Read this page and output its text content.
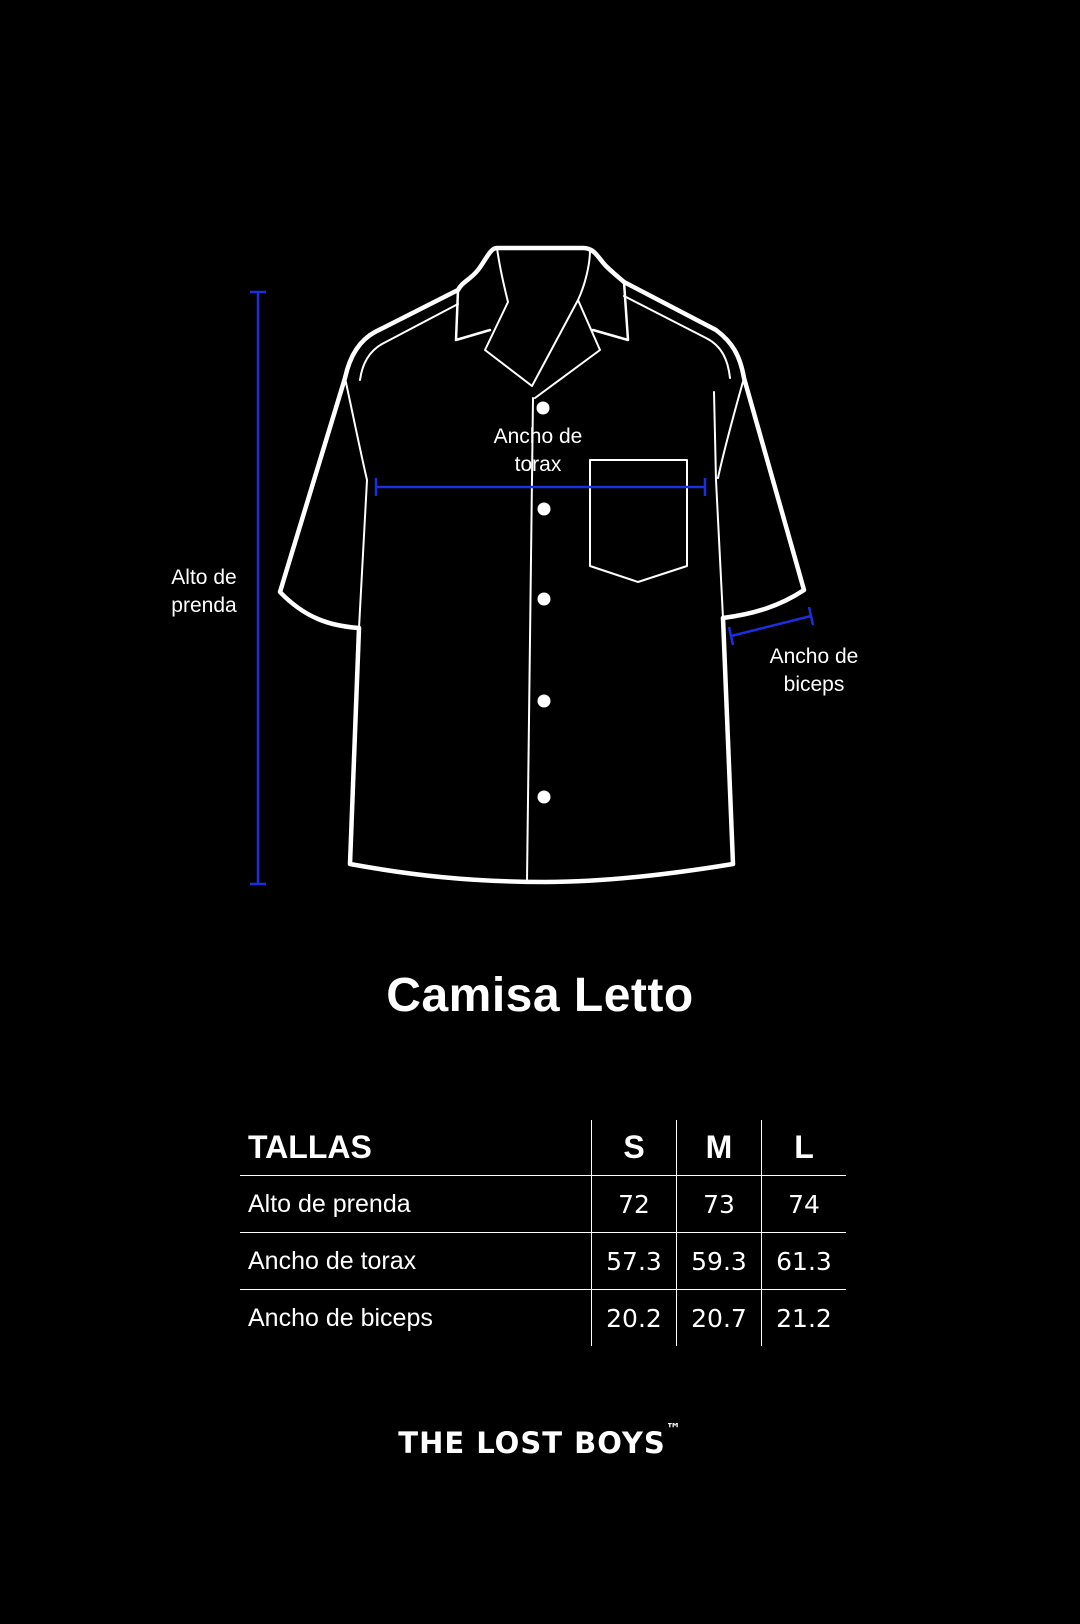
Alto de
prenda
Ancho de
torax
Ancho de
biceps
Camisa Letto
TALLAS	S	M	L
Alto de prenda	72	73	74
Ancho de torax	57.3	59.3	61.3
Ancho de biceps	20.2	20.7	21.2
THE LOST BOYS™
